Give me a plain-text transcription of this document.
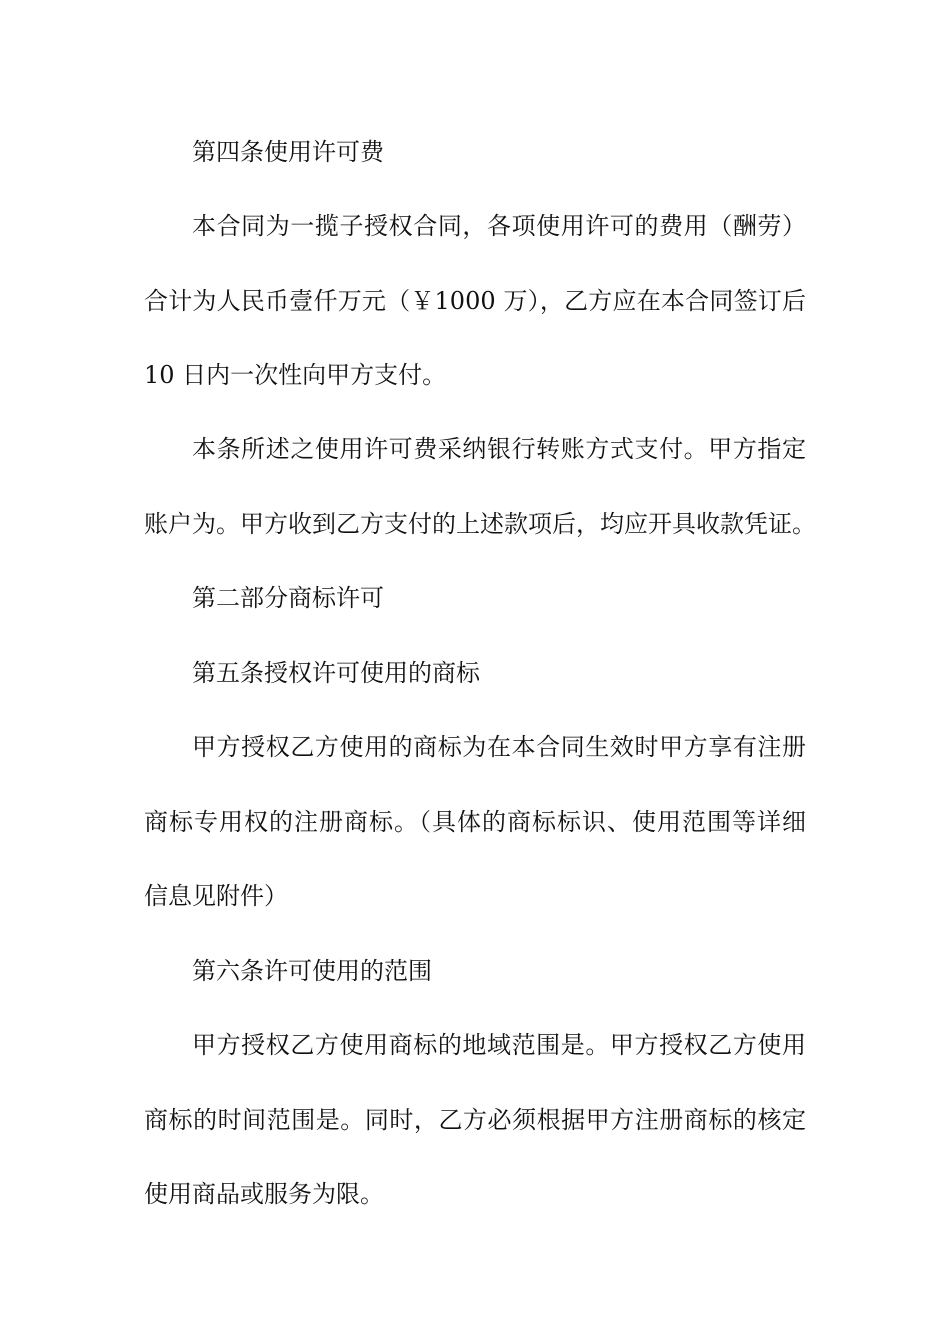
第四条使用许可费
本合同为一揽子授权合同，各项使用许可的费用（酬劳）
合计为人民币壹仟万元（￥1000 万），乙方应在本合同签订后
10 日内一次性向甲方支付。
本条所述之使用许可费采纳银行转账方式支付。甲方指定
账户为。甲方收到乙方支付的上述款项后，均应开具收款凭证。
第二部分商标许可
第五条授权许可使用的商标
甲方授权乙方使用的商标为在本合同生效时甲方享有注册
商标专用权的注册商标。（具体的商标标识、使用范围等详细
信息见附件）
第六条许可使用的范围
甲方授权乙方使用商标的地域范围是。甲方授权乙方使用
商标的时间范围是。同时，乙方必须根据甲方注册商标的核定
使用商品或服务为限。
